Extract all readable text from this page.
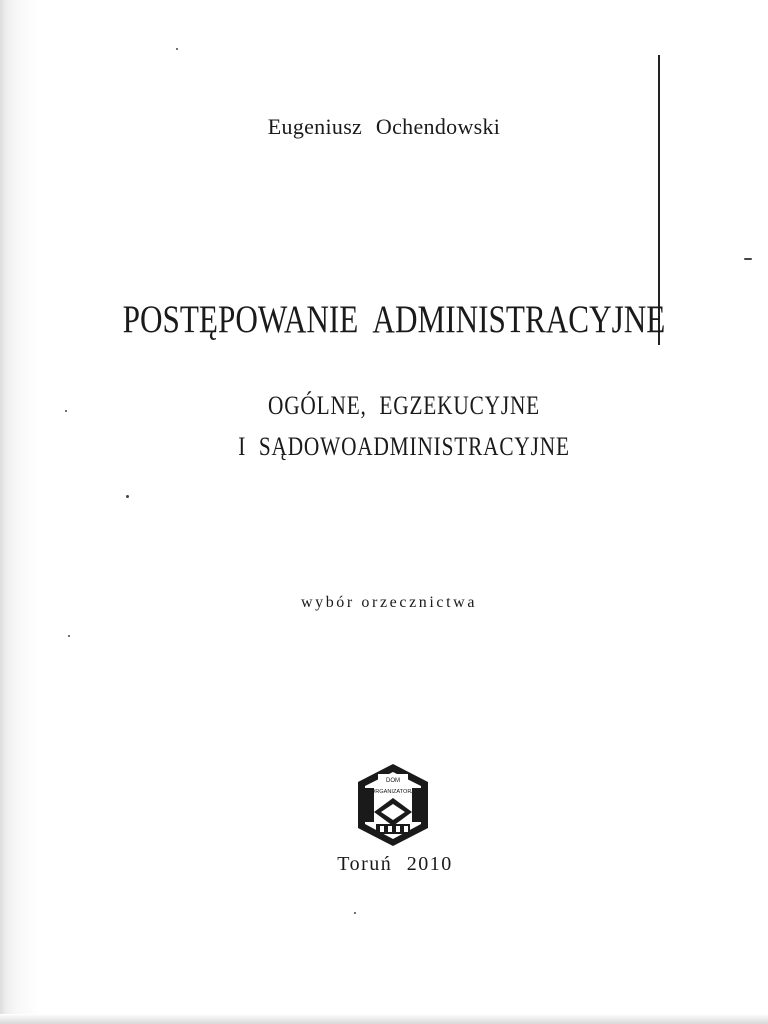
Eugeniusz Ochendowski
POSTĘPOWANIE ADMINISTRACYJNE
OGÓLNE, EGZEKUCYJNE
I SĄDOWOADMINISTRACYJNE
wybór orzecznictwa
DOM
ORGANIZATORA
Toruń 2010
